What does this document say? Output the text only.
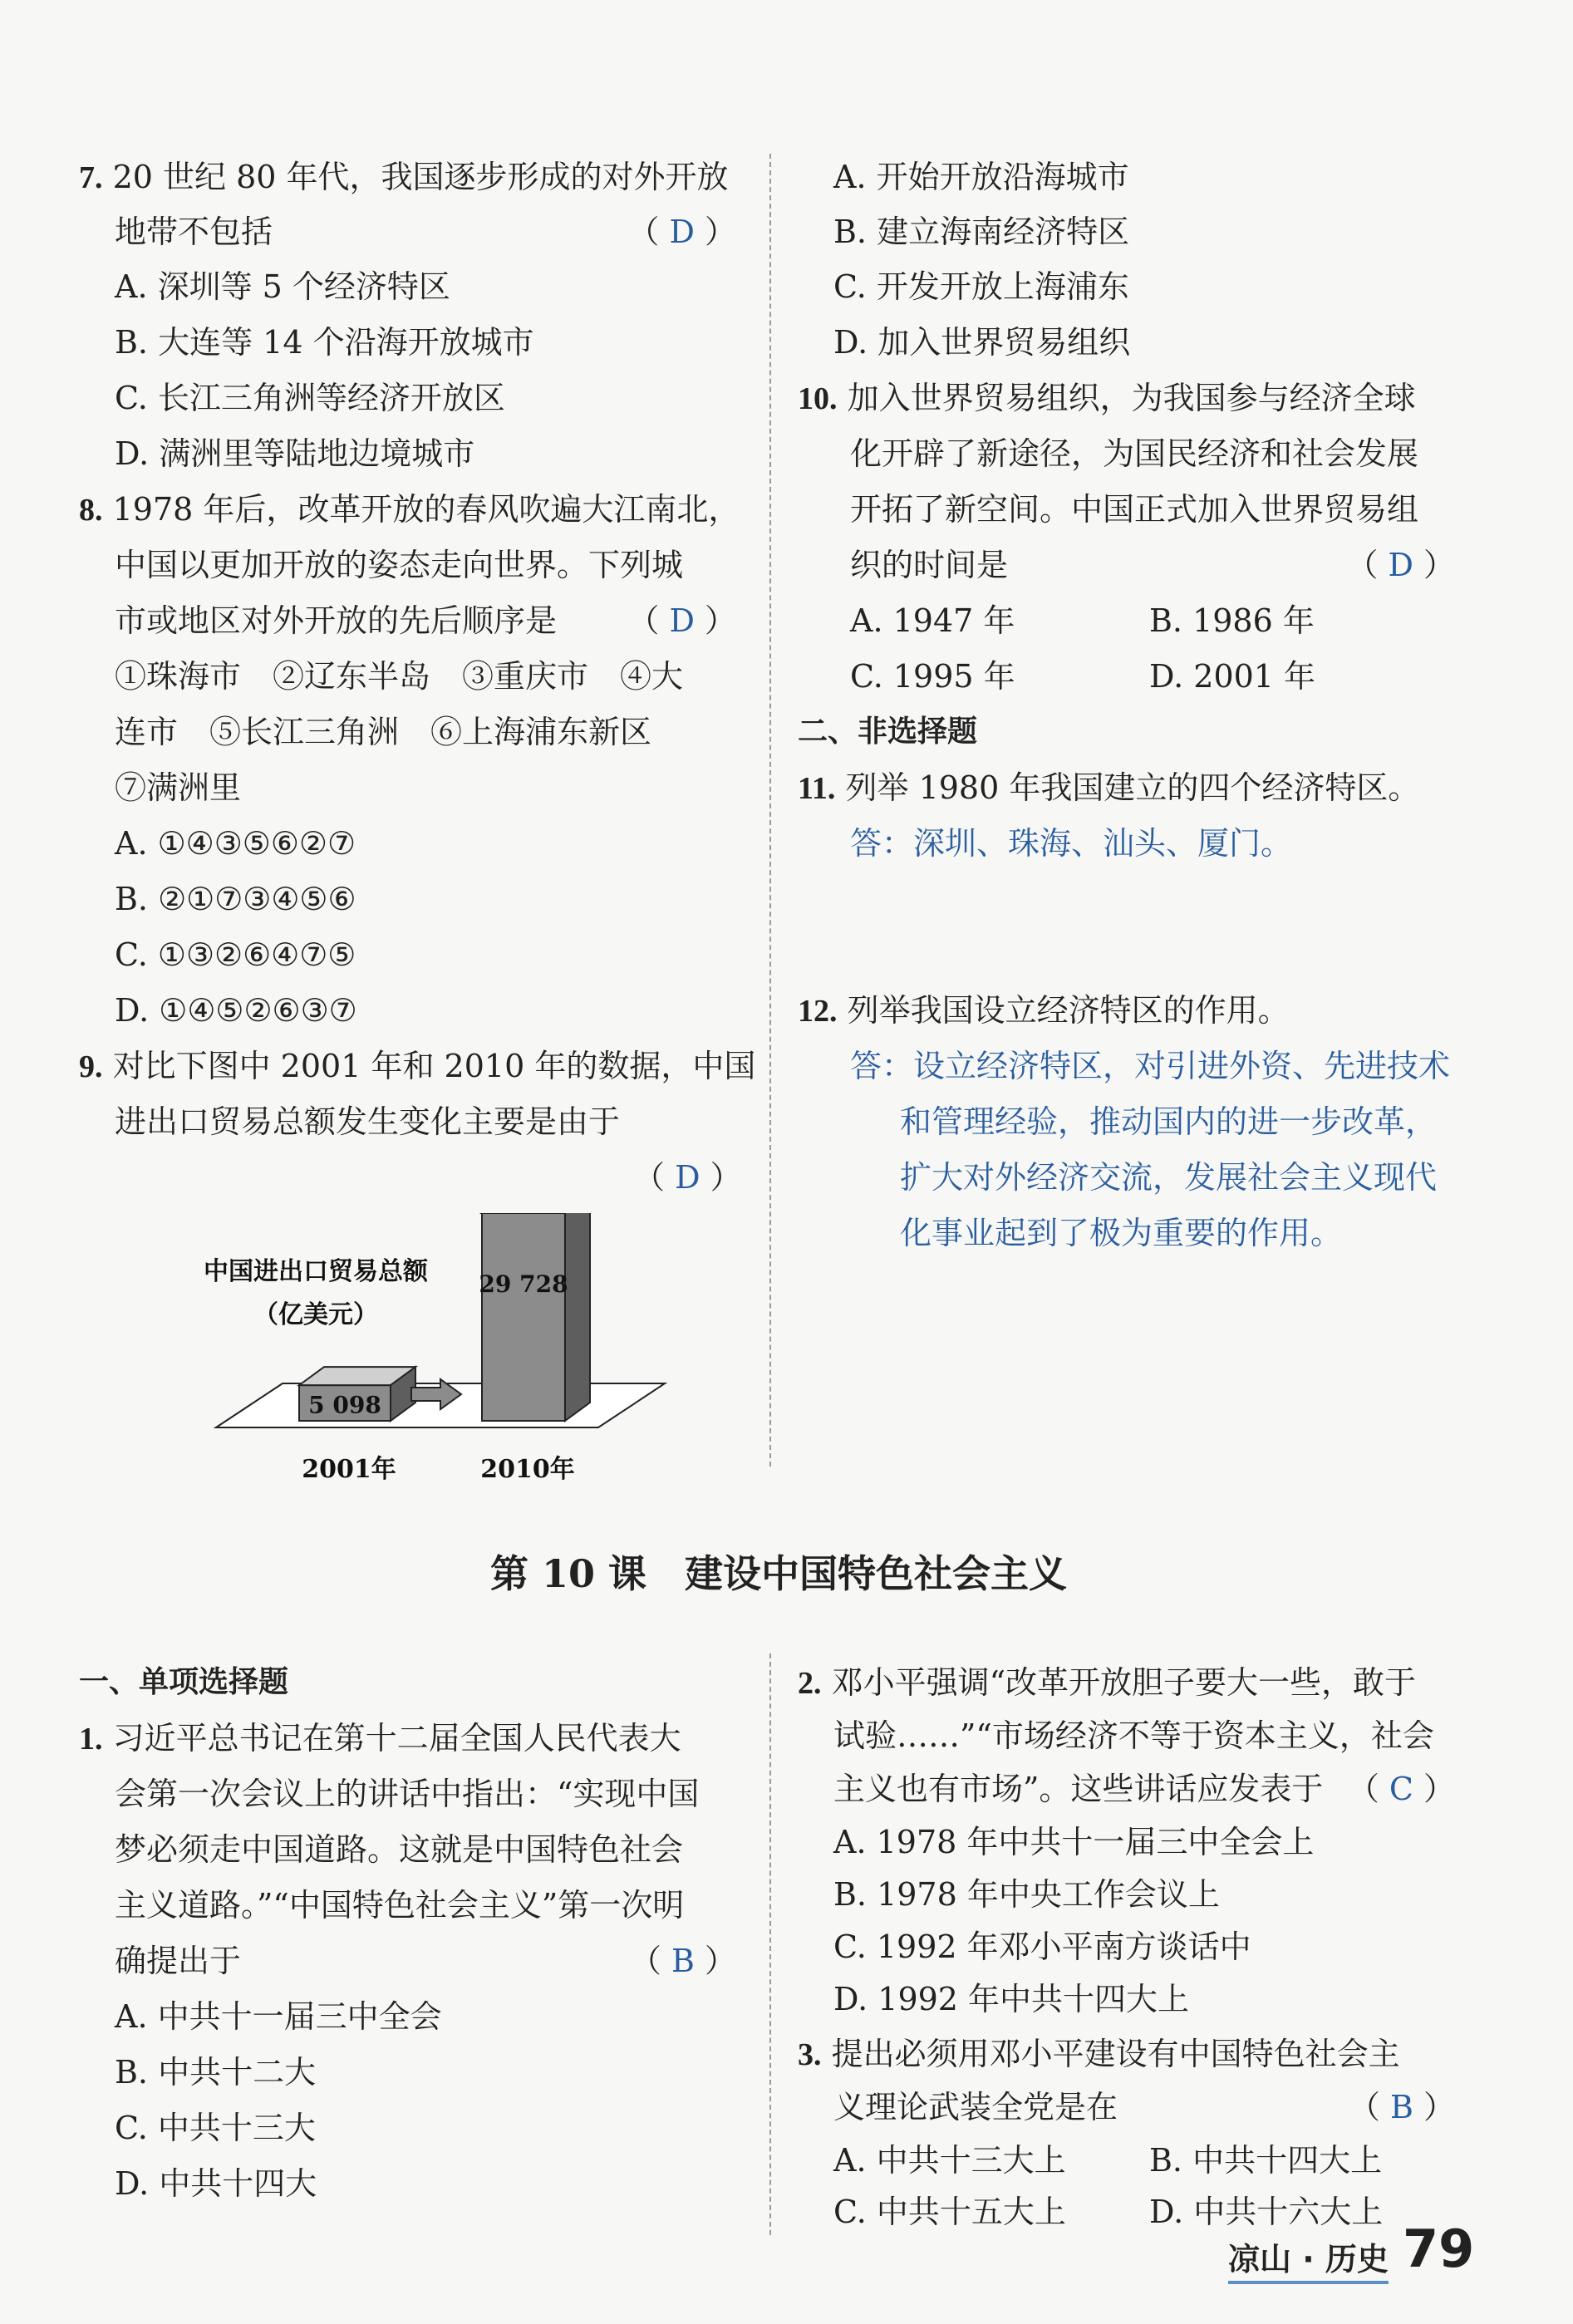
7. 20 世纪 80 年代，我国逐步形成的对外开放
地带不包括	（ D ）
A. 深圳等 5 个经济特区
B. 大连等 14 个沿海开放城市
C. 长江三角洲等经济开放区
D. 满洲里等陆地边境城市
8. 1978 年后，改革开放的春风吹遍大江南北，
中国以更加开放的姿态走向世界。下列城
市或地区对外开放的先后顺序是 （ D ）
①珠海市　②辽东半岛　③重庆市　④大
连市　⑤长江三角洲　⑥上海浦东新区
⑦满洲里
A. ①④③⑤⑥②⑦
B. ②①⑦③④⑤⑥
C. ①③②⑥④⑦⑤
D. ①④⑤②⑥③⑦
9. 对比下图中 2001 年和 2010 年的数据，中国
进出口贸易总额发生变化主要是由于
（ D ）
5 098
2001年
29 728
2010年
中国进出口贸易总额
（亿美元）
A. 开始开放沿海城市
B. 建立海南经济特区
C. 开发开放上海浦东
D. 加入世界贸易组织
10. 加入世界贸易组织，为我国参与经济全球
化开辟了新途径，为国民经济和社会发展
开拓了新空间。中国正式加入世界贸易组
织的时间是	（ D ）
A. 1947 年	B. 1986 年
C. 1995 年	D. 2001 年
二、非选择题
11. 列举 1980 年我国建立的四个经济特区。
答：深圳、珠海、汕头、厦门。
12. 列举我国设立经济特区的作用。
答：设立经济特区，对引进外资、先进技术
和管理经验，推动国内的进一步改革，
扩大对外经济交流，发展社会主义现代
化事业起到了极为重要的作用。
第 10 课　建设中国特色社会主义
一、单项选择题
1. 习近平总书记在第十二届全国人民代表大
会第一次会议上的讲话中指出：“实现中国
梦必须走中国道路。这就是中国特色社会
主义道路。”“中国特色社会主义”第一次明
确提出于	（ B ）
A. 中共十一届三中全会
B. 中共十二大
C. 中共十三大
D. 中共十四大
2. 邓小平强调“改革开放胆子要大一些，敢于
试验……”“市场经济不等于资本主义，社会
主义也有市场”。这些讲话应发表于 （ C ）
A. 1978 年中共十一届三中全会上
B. 1978 年中央工作会议上
C. 1992 年邓小平南方谈话中
D. 1992 年中共十四大上
3. 提出必须用邓小平建设有中国特色社会主
义理论武装全党是在	（ B ）
A. 中共十三大上	B. 中共十四大上
C. 中共十五大上	D. 中共十六大上
凉山 · 历史 79
